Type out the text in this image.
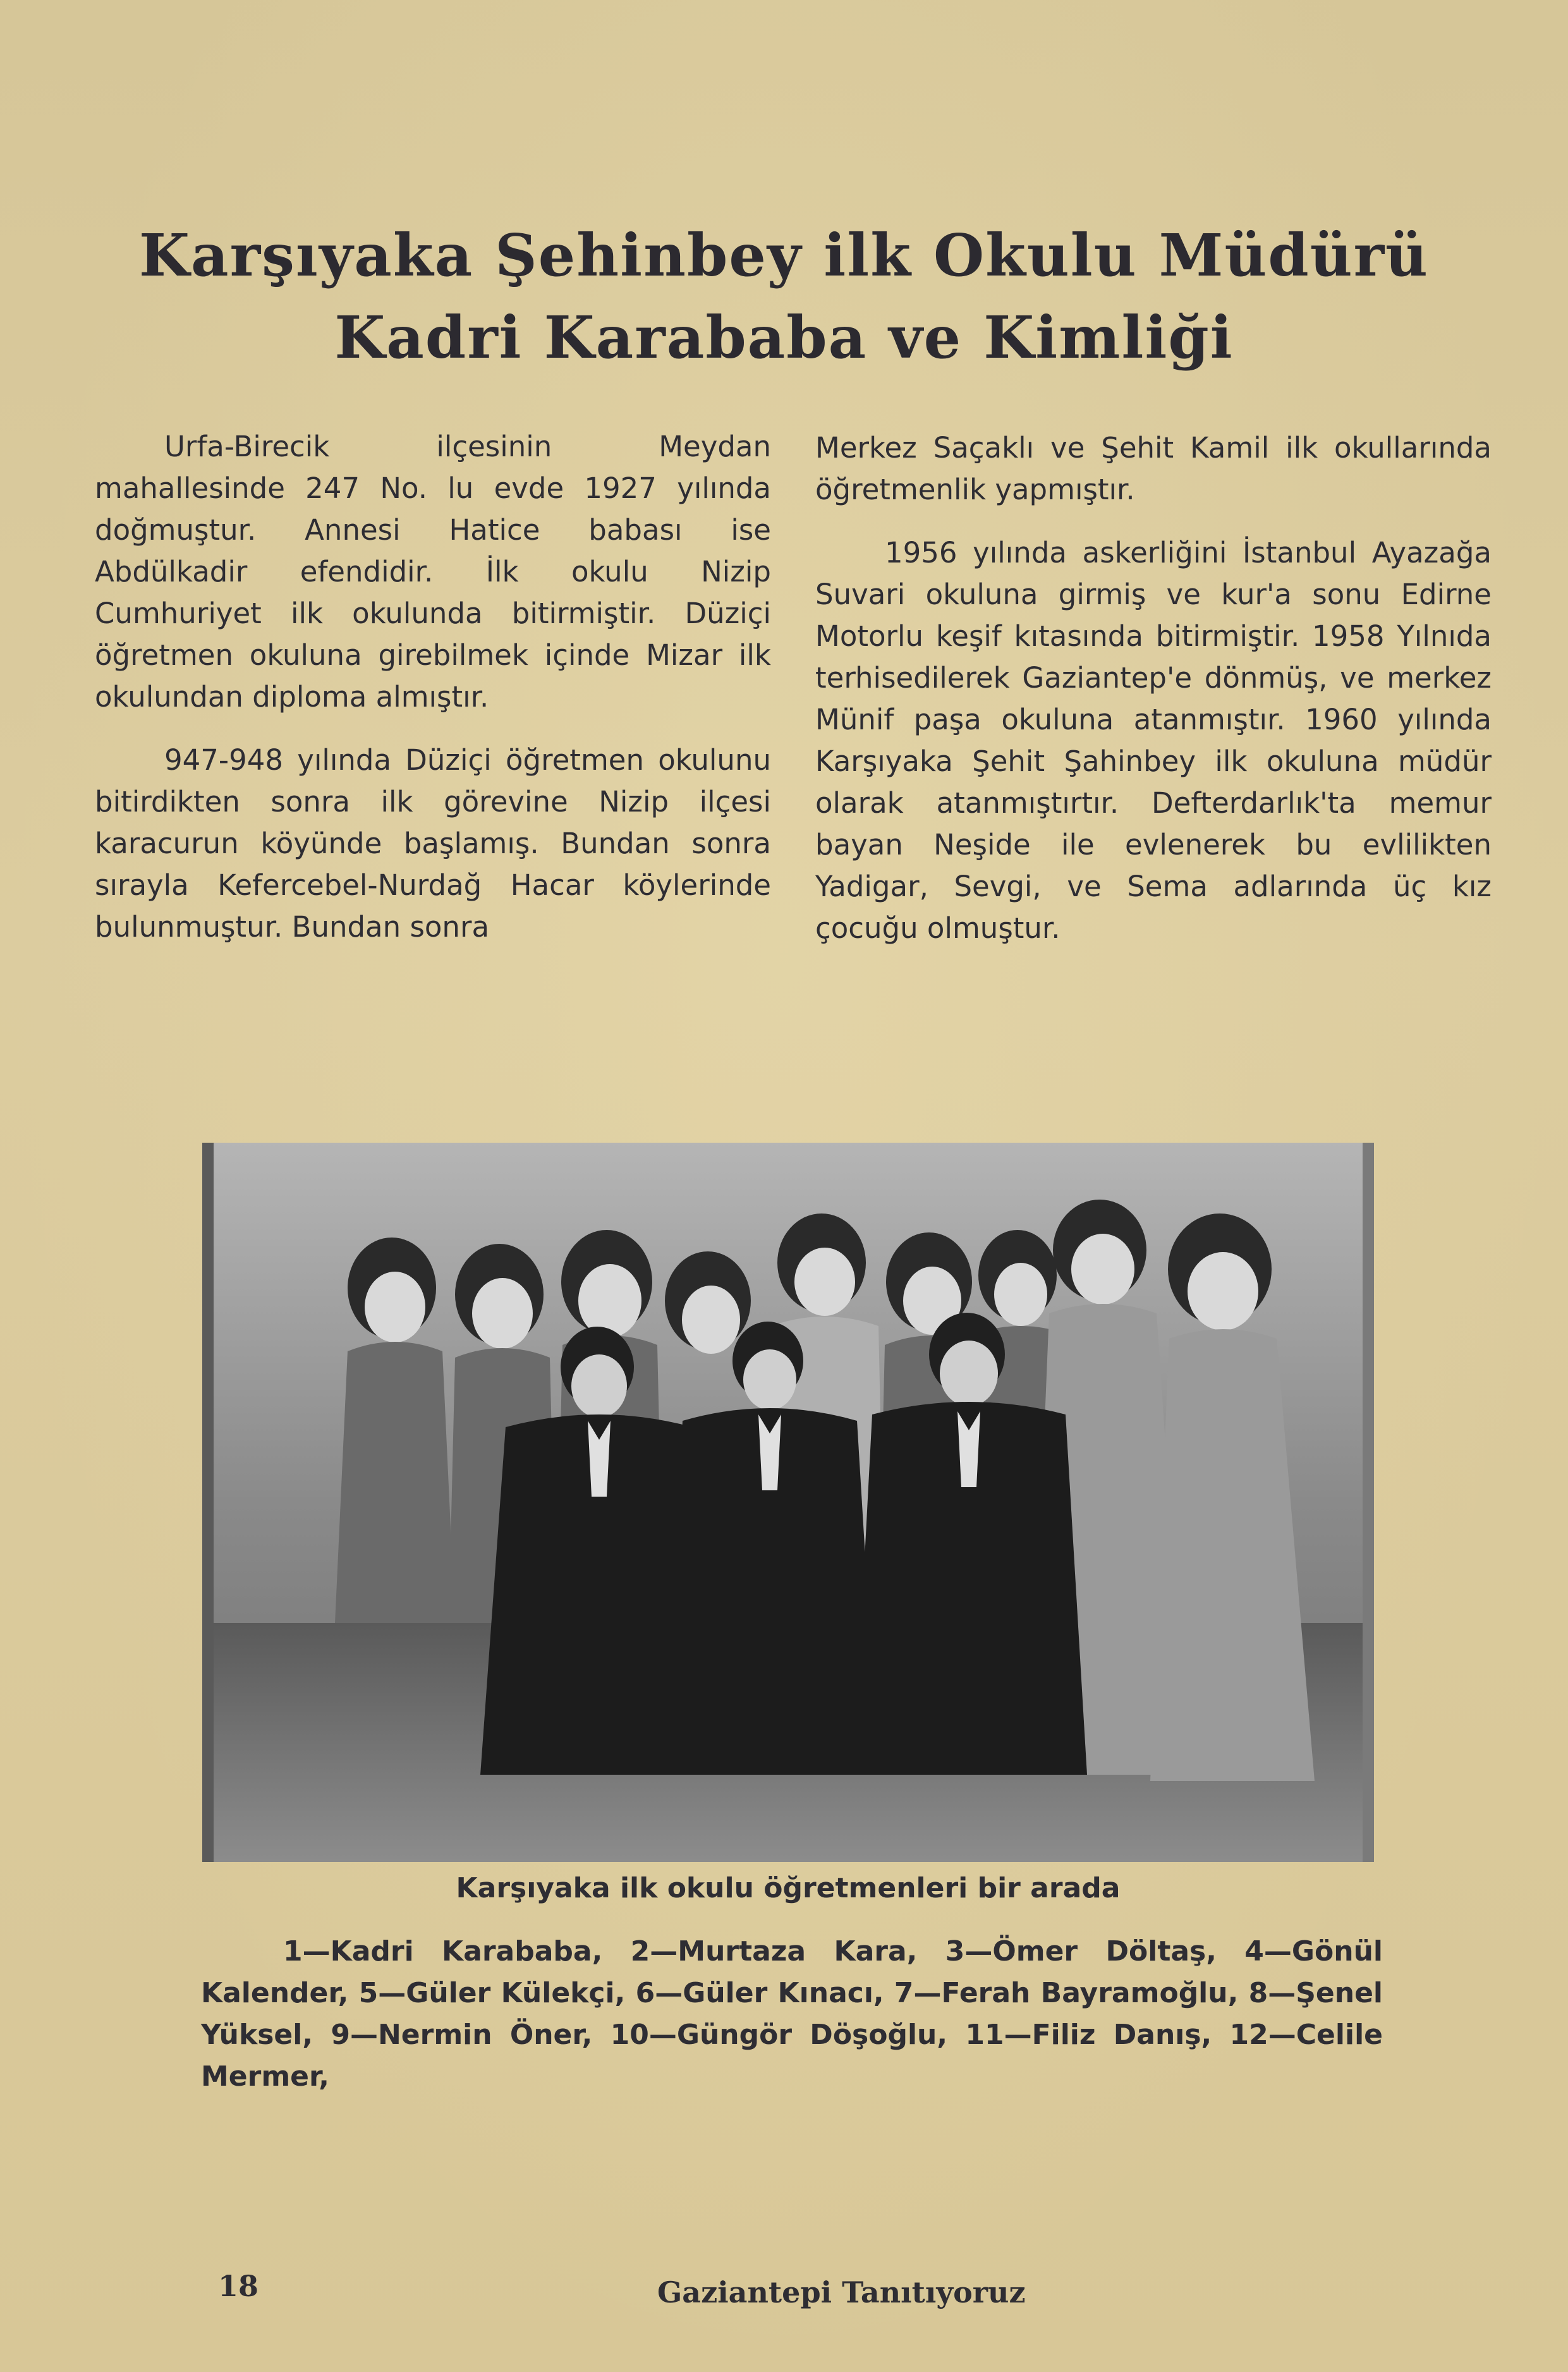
Karşıyaka Şehinbey ilk Okulu Müdürü
Kadri Karababa ve Kimliği

Urfa-Birecik ilçesinin Meydan mahallesinde 247 No. lu evde 1927 yılında doğmuştur. Annesi Hatice babası ise Abdülkadir efendidir. İlk okulu Nizip Cumhuriyet ilk okulunda bitirmiştir. Düziçi öğretmen okuluna girebilmek içinde Mizar ilk okulundan diploma almıştır.

947-948 yılında Düziçi öğretmen okulunu bitirdikten sonra ilk görevine Nizip ilçesi karacurun köyünde başlamış. Bundan sonra sırayla Kefercebel-Nurdağ Hacar köylerinde bulunmuştur. Bundan sonra

Merkez Saçaklı ve Şehit Kamil ilk okullarında öğretmenlik yapmıştır.

1956 yılında askerliğini İstanbul Ayazağa Suvari okuluna girmiş ve kur'a sonu Edirne Motorlu keşif kıtasında bitirmiştir. 1958 Yılnıda terhisedilerek Gaziantep'e dönmüş, ve merkez Münif paşa okuluna atanmıştır. 1960 yılında Karşıyaka Şehit Şahinbey ilk okuluna müdür olarak atanmıştırtır. Defterdarlık'ta memur bayan Neşide ile evlenerek bu evlilikten Yadigar, Sevgi, ve Sema adlarında üç kız çocuğu olmuştur.

Karşıyaka ilk okulu öğretmenleri bir arada

1—Kadri Karababa, 2—Murtaza Kara, 3—Ömer Döltaş, 4—Gönül Kalender, 5—Güler Külekçi, 6—Güler Kınacı, 7—Ferah Bayramoğlu, 8—Şenel Yüksel, 9—Nermin Öner, 10—Güngör Döşoğlu, 11—Filiz Danış, 12—Celile Mermer,

18	Gaziantepi Tanıtıyoruz
